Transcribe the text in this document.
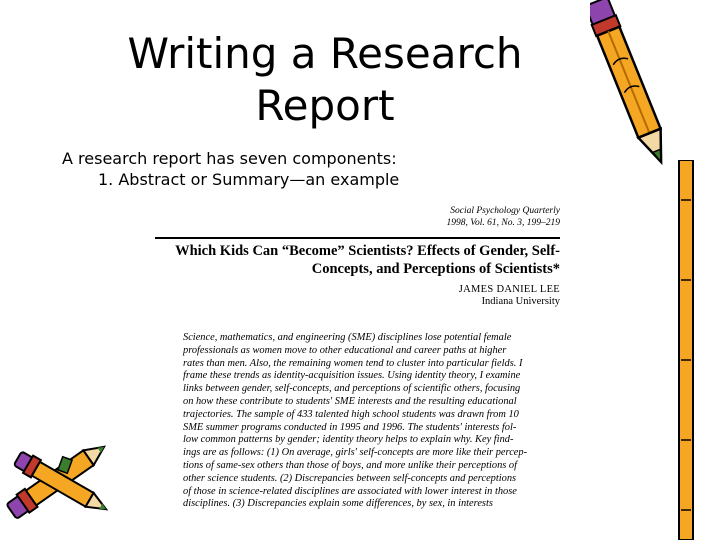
Writing a Research
Report
A research report has seven components:
1. Abstract or Summary—an example
Social Psychology Quarterly
1998, Vol. 61, No. 3, 199–219
Which Kids Can “Become” Scientists? Effects of Gender, Self-
Concepts, and Perceptions of Scientists*
JAMES DANIEL LEE
Indiana University
Science, mathematics, and engineering (SME) disciplines lose potential female
professionals as women move to other educational and career paths at higher
rates than men. Also, the remaining women tend to cluster into particular fields. I
frame these trends as identity-acquisition issues. Using identity theory, I examine
links between gender, self-concepts, and perceptions of scientific others, focusing
on how these contribute to students' SME interests and the resulting educational
trajectories. The sample of 433 talented high school students was drawn from 10
SME summer programs conducted in 1995 and 1996. The students' interests fol-
low common patterns by gender; identity theory helps to explain why. Key find-
ings are as follows: (1) On average, girls' self-concepts are more like their percep-
tions of same-sex others than those of boys, and more unlike their perceptions of
other science students. (2) Discrepancies between self-concepts and perceptions
of those in science-related disciplines are associated with lower interest in those
disciplines. (3) Discrepancies explain some differences, by sex, in interests
